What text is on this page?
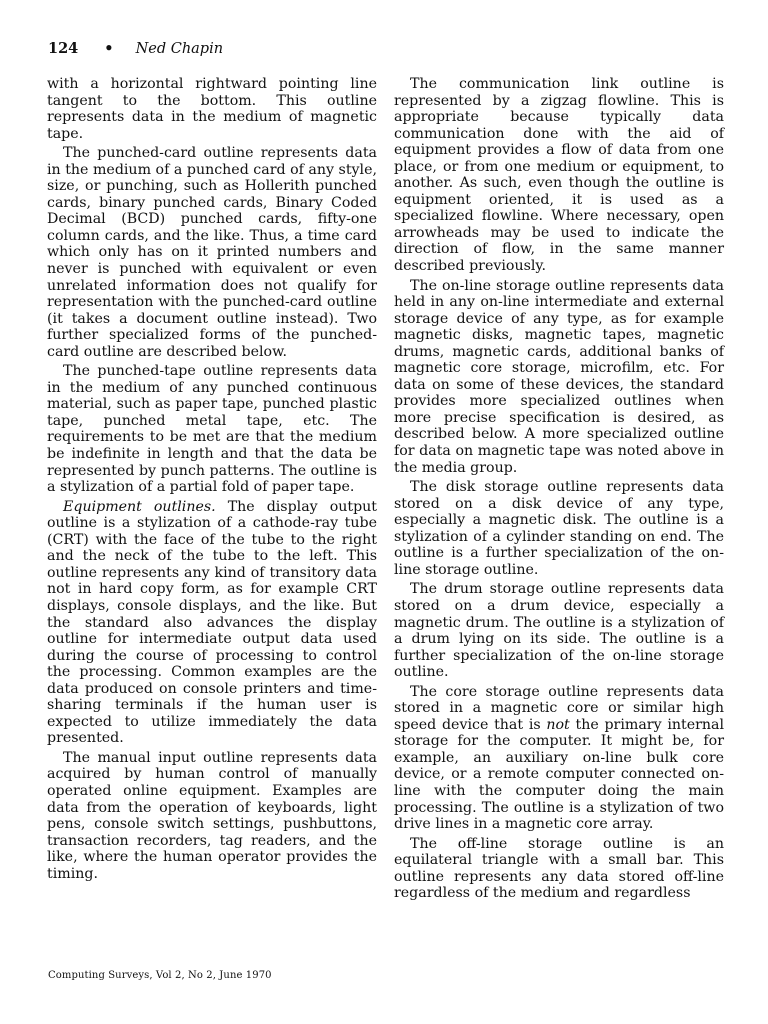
124 • Ned Chapin

with a horizontal rightward pointing line tangent to the bottom. This outline represents data in the medium of magnetic tape.

The punched-card outline represents data in the medium of a punched card of any style, size, or punching, such as Hollerith punched cards, binary punched cards, Binary Coded Decimal (BCD) punched cards, fifty-one column cards, and the like. Thus, a time card which only has on it printed numbers and never is punched with equivalent or even unrelated information does not qualify for representation with the punched-card outline (it takes a document outline instead). Two further specialized forms of the punched-card outline are described below.

The punched-tape outline represents data in the medium of any punched continuous material, such as paper tape, punched plastic tape, punched metal tape, etc. The requirements to be met are that the medium be indefinite in length and that the data be represented by punch patterns. The outline is a stylization of a partial fold of paper tape.

Equipment outlines. The display output outline is a stylization of a cathode-ray tube (CRT) with the face of the tube to the right and the neck of the tube to the left. This outline represents any kind of transitory data not in hard copy form, as for example CRT displays, console displays, and the like. But the standard also advances the display outline for intermediate output data used during the course of processing to control the processing. Common examples are the data produced on console printers and time-sharing terminals if the human user is expected to utilize immediately the data presented.

The manual input outline represents data acquired by human control of manually operated online equipment. Examples are data from the operation of keyboards, light pens, console switch settings, pushbuttons, transaction recorders, tag readers, and the like, where the human operator provides the timing.

The communication link outline is represented by a zigzag flowline. This is appropriate because typically data communication done with the aid of equipment provides a flow of data from one place, or from one medium or equipment, to another. As such, even though the outline is equipment oriented, it is used as a specialized flowline. Where necessary, open arrowheads may be used to indicate the direction of flow, in the same manner described previously.

The on-line storage outline represents data held in any on-line intermediate and external storage device of any type, as for example magnetic disks, magnetic tapes, magnetic drums, magnetic cards, additional banks of magnetic core storage, microfilm, etc. For data on some of these devices, the standard provides more specialized outlines when more precise specification is desired, as described below. A more specialized outline for data on magnetic tape was noted above in the media group.

The disk storage outline represents data stored on a disk device of any type, especially a magnetic disk. The outline is a stylization of a cylinder standing on end. The outline is a further specialization of the on-line storage outline.

The drum storage outline represents data stored on a drum device, especially a magnetic drum. The outline is a stylization of a drum lying on its side. The outline is a further specialization of the on-line storage outline.

The core storage outline represents data stored in a magnetic core or similar high speed device that is not the primary internal storage for the computer. It might be, for example, an auxiliary on-line bulk core device, or a remote computer connected on-line with the computer doing the main processing. The outline is a stylization of two drive lines in a magnetic core array.

The off-line storage outline is an equilateral triangle with a small bar. This outline represents any data stored off-line regardless of the medium and regardless

Computing Surveys, Vol 2, No 2, June 1970
